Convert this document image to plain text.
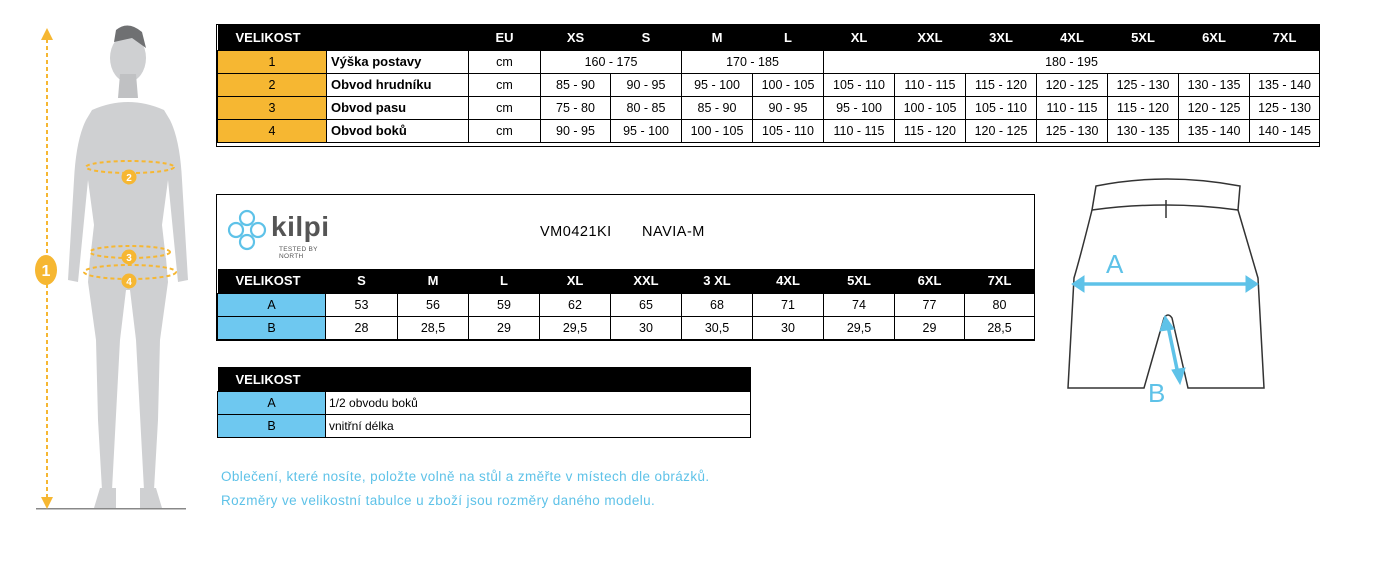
1
2
3
4
VELIKOST		EU	XS	S	M	L	XL	XXL	3XL	4XL	5XL	6XL	7XL
1	Výška postavy	cm	160 - 175		170 - 185		180 - 195						
2	Obvod hrudníku	cm	85 - 90	90 - 95	95 - 100	100 - 105	105 - 110	110 - 115	115 - 120	120 - 125	125 - 130	130 - 135	135 - 140
3	Obvod pasu	cm	75 - 80	80 - 85	85 - 90	90 - 95	95 - 100	100 - 105	105 - 110	110 - 115	115 - 120	120 - 125	125 - 130
4	Obvod boků	cm	90 - 95	95 - 100	100 - 105	105 - 110	110 - 115	115 - 120	120 - 125	125 - 130	130 - 135	135 - 140	140 - 145
kilpi
TESTED BY NORTH
VM0421KI NAVIA-M
VELIKOST	S	M	L	XL	XXL	3 XL	4XL	5XL	6XL	7XL
A	53	56	59	62	65	68	71	74	77	80
B	28	28,5	29	29,5	30	30,5	30	29,5	29	28,5
VELIKOST	
A	1/2 obvodu boků
B	vnitřní délka
A
B
Oblečení, které nosíte, položte volně na stůl a změřte v místech dle obrázků.
Rozměry ve velikostní tabulce u zboží jsou rozměry daného modelu.
